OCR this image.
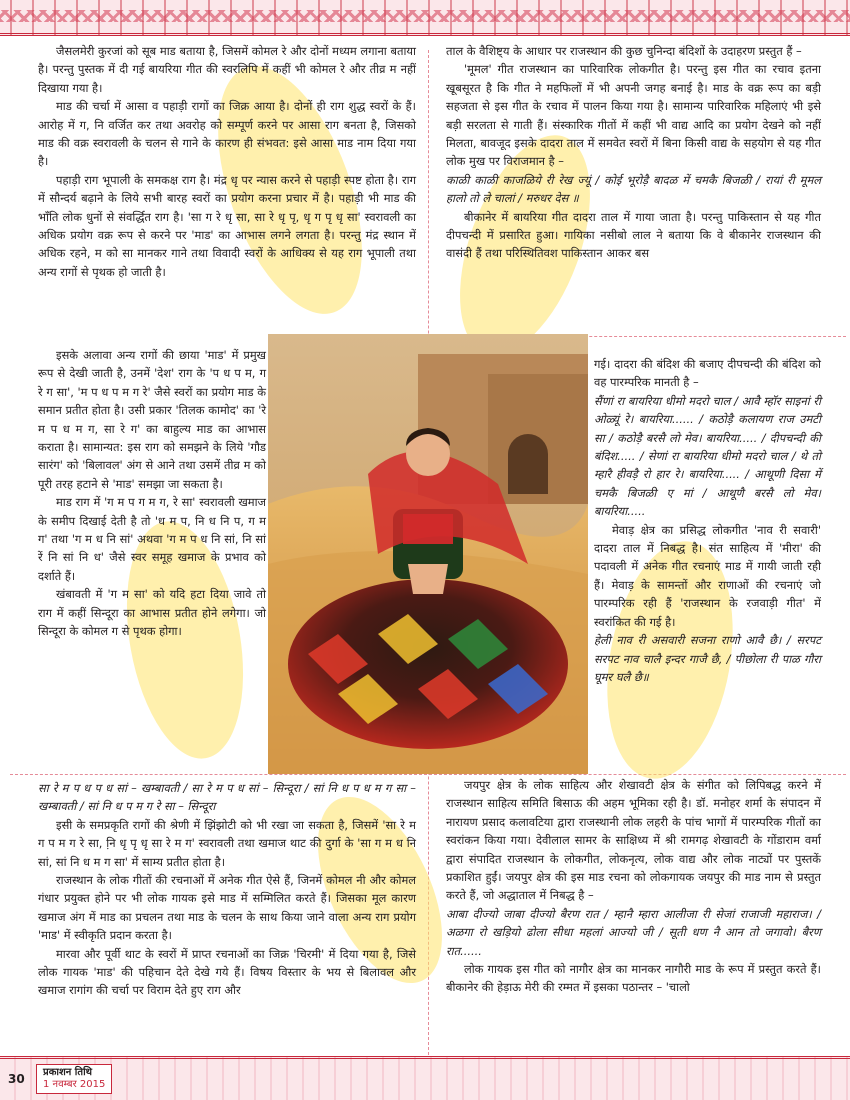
जैसलमेरी कुरजां को सूब माड बताया है, जिसमें कोमल रे और दोनों मध्यम लगाना बताया है। परन्तु पुस्तक में दी गई बायरिया गीत की स्वरलिपि में कहीं भी कोमल रे और तीव्र म नहीं दिखाया गया है।

माड की चर्चा में आसा व पहाड़ी रागों का जिक्र आया है। दोनों ही राग शुद्ध स्वरों के हैं। आरोह में ग, नि वर्जित कर तथा अवरोह को सम्पूर्ण करने पर आसा राग बनता है, जिसको माड की वक्र स्वरावली के चलन से गाने के कारण ही संभवत: इसे आसा माड नाम दिया गया है।

पहाड़ी राग भूपाली के समकक्ष राग है। मंद्र धृ पर न्यास करने से पहाड़ी स्पष्ट होता है। राग में सौन्दर्य बढ़ाने के लिये सभी बारह स्वरों का प्रयोग करना प्रचार में है। पहाड़ी भी माड की भाँति लोक धुनों से संवर्द्धित राग है। 'सा ग रे धृ सा, सा रे धृ पृ, धृ ग पृ धृ सा' स्वरावली का अधिक प्रयोग वक्र रूप से करने पर 'माड' का आभास लगने लगता है। परन्तु मंद्र स्थान में अधिक रहने, म को सा मानकर गाने तथा विवादी स्वरों के आधिक्य से यह राग भूपाली तथा अन्य रागों से पृथक हो जाती है।

इसके अलावा अन्य रागों की छाया 'माड' में प्रमुख रूप से देखी जाती है, उनमें 'देश' राग के 'प ध प म, ग रे ग सा', 'म प ध प म ग रे' जैसे स्वरों का प्रयोग माड के समान प्रतीत होता है। उसी प्रकार 'तिलक कामोद' का 'रे म प ध म ग, सा रे ग' का बाहुल्य माड का आभास कराता है। सामान्यत: इस राग को समझने के लिये 'गौड सारंग' को 'बिलावल' अंग से आने तथा उसमें तीव्र म को पूरी तरह हटाने से 'माड' समझा जा सकता है।

माड राग में 'ग म प ग म ग, रे सा' स्वरावली खमाज के समीप दिखाई देती है तो 'ध म प, नि ध नि प, ग म ग' तथा 'ग म ध नि सां' अथवा 'ग म प ध नि सां, नि सां रें नि सां नि ध' जैसे स्वर समूह खमाज के प्रभाव को दर्शाते हैं।

खंबावती में 'ग म सा' को यदि हटा दिया जावे तो राग में कहीं सिन्दूरा का आभास प्रतीत होने लगेगा। जो सिन्दूरा के कोमल ग से पृथक होगा।

सा रे म प ध प ध सां – खम्बावती / सा रे म प ध सां – सिन्दूरा / सां नि ध प ध म ग सा – खम्बावती / सां नि ध प म ग रे सा – सिन्दूरा

इसी के समप्रकृति रागों की श्रेणी में झिंझोटी को भी रखा जा सकता है, जिसमें 'सा रे म ग प म ग रे सा, नि़ धृ पृ धृ सा रे म ग' स्वरावली तथा खमाज थाट की दुर्गा के 'सा ग म ध नि सां, सां नि ध म ग सा' में साम्य प्रतीत होता है।

राजस्थान के लोक गीतों की रचनाओं में अनेक गीत ऐसे हैं, जिनमें कोमल नी और कोमल गंधार प्रयुक्त होने पर भी लोक गायक इसे माड में सम्मिलित करते हैं। जिसका मूल कारण खमाज अंग में माड का प्रचलन तथा माड के चलन के साथ किया जाने वाला अन्य राग प्रयोग 'माड' में स्वीकृति प्रदान करता है।

मारवा और पूर्वी थाट के स्वरों में प्राप्त रचनाओं का जिक्र 'चिरमी' में दिया गया है, जिसे लोक गायक 'माड' की पहिचान देते देखे गये हैं। विषय विस्तार के भय से बिलावल और खमाज रागांग की चर्चा पर विराम देते हुए राग और

ताल के वैशिष्ट्य के आधार पर राजस्थान की कुछ चुनिन्दा बंदिशों के उदाहरण प्रस्तुत हैं –

'मूमल' गीत राजस्थान का पारिवारिक लोकगीत है। परन्तु इस गीत का रचाव इतना खूबसूरत है कि गीत ने महफिलों में भी अपनी जगह बनाई है। माड के वक्र रूप का बड़ी सहजता से इस गीत के रचाव में पालन किया गया है। सामान्य पारिवारिक महिलाएं भी इसे बड़ी सरलता से गाती हैं। संस्कारिक गीतों में कहीं भी वाद्य आदि का प्रयोग देखने को नहीं मिलता, बावजूद इसके दादरा ताल में समवेत स्वरों में बिना किसी वाद्य के सहयोग से यह गीत लोक मुख पर विराजमान है –

काळी काळी काजळिये री रेख ज्यूं / कोई भूरोड़ै बादळ में चमकै बिजळी / रायां री मूमल हालो तो ले चालां / मरुधर देस ॥

बीकानेर में बायरिया गीत दादरा ताल में गाया जाता है। परन्तु पाकिस्तान से यह गीत दीपचन्दी में प्रसारित हुआ। गायिका नसीबो लाल ने बताया कि वे बीकानेर राजस्थान की वासंदी हैं तथा परिस्थितिवश पाकिस्तान आकर बस

गई। दादरा की बंदिश की बजाए दीपचन्दी की बंदिश को वह पारम्परिक मानती है –

सैंणां रा बायरिया धीमो मदरो चाल / आवै म्हॉर साइनां री ओळ्यूं रे। बायरिया...... / कठोड़ै कलायण राज उमटी सा / कठोड़ै बरसै लो मेव। बायरिया..... / दीपचन्दी की बंदिश..... / सेणां रा बायरिया धीमो मदरो चाल / थे तो म्हारै हीवड़ै रो हार रे। बायरिया..... / आथूणी दिसा में चमकै बिजळी ए मां / आथूणै बरसै लो मेव। बायरिया.....

मेवाड़ क्षेत्र का प्रसिद्ध लोकगीत 'नाव री सवारी' दादरा ताल में निबद्ध है। संत साहित्य में 'मीरा' की पदावली में अनेक गीत रचनाएं माड में गायी जाती रही हैं। मेवाड़ के सामन्तों और राणाओं की रचनाएं जो पारम्परिक रही हैं 'राजस्थान के रजवाड़ी गीत' में स्वरांकित की गई है।

हेली नाव री असवारी सजना राणो आवै छै। / सरपट सरपट नाव चालै इन्दर गाजै छै, / पीछोला री पाळ गौरा घूमर घलै छै॥

जयपुर क्षेत्र के लोक साहित्य और शेखावटी क्षेत्र के संगीत को लिपिबद्ध करने में राजस्थान साहित्य समिति बिसाऊ की अहम भूमिका रही है। डॉ. मनोहर शर्मा के संपादन में नारायण प्रसाद कलावटिया द्वारा राजस्थानी लोक लहरी के पांच भागों में पारम्परिक गीतों का स्वरांकन किया गया। देवीलाल सामर के साक्षिध्य में श्री रामगढ़ शेखावटी के गोंडाराम वर्मा द्वारा संपादित राजस्थान के लोकगीत, लोकनृत्य, लोक वाद्य और लोक नाट्यों पर पुस्तकें प्रकाशित हुईं। जयपुर क्षेत्र की इस माड रचना को लोकगायक जयपुर की माड नाम से प्रस्तुत करते हैं, जो अद्धाताल में निबद्ध है –

आबा दीज्यो जाबा दीज्यो बैरण रात / म्हानै म्हारा आलीजा री सेजां राजाजी महाराज। / अळगा रो खड़ियो ढोला सीधा महलां आज्यो जी / सूती धण नै आन तो जगावो। बैरण रात......

लोक गायक इस गीत को नागौर क्षेत्र का मानकर नागौरी माड के रूप में प्रस्तुत करते हैं। बीकानेर की हेड़ाऊ मेरी की रम्मत में इसका पठान्तर – 'चालो

30 प्रकाशन तिथि
1 नवम्बर 2015
